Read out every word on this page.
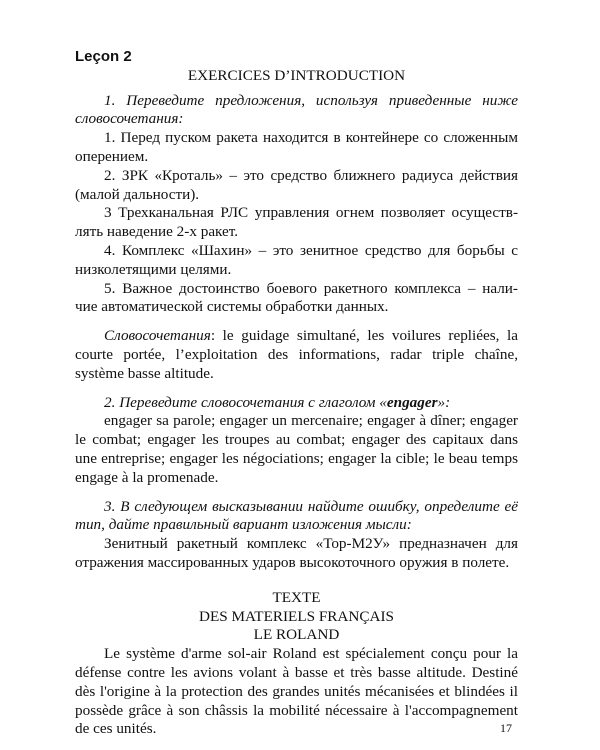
Leçon 2

EXERCICES D’INTRODUCTION

1. Переведите предложения, используя приведенные ниже словосочетания:

1. Перед пуском ракета находится в контейнере со сложенным оперением.

2. ЗРК «Кроталь» – это средство ближнего радиуса действия (малой дальности).

3 Трехканальная РЛС управления огнем позволяет осуществ-лять наведение 2-х ракет.

4. Комплекс «Шахин» – это зенитное средство для борьбы с низколетящими целями.

5. Важное достоинство боевого ракетного комплекса – нали-чие автоматической системы обработки данных.

Словосочетания: le guidage simultané, les voilures repliées, la courte portée, l’exploitation des informations, radar triple chaîne, système basse altitude.

2. Переведите словосочетания с глаголом «engager»:

engager sa parole; engager un mercenaire; engager à dîner; engager le combat; engager les troupes au combat; engager des capitaux dans une entreprise; engager les négociations; engager la cible; le beau temps engage à la promenade.

3. В следующем высказывании найдите ошибку, определите её тип, дайте правильный вариант изложения мысли:

Зенитный ракетный комплекс «Тор-М2У» предназначен для отражения массированных ударов высокоточного оружия в полете.

TEXTE

DES MATERIELS FRANÇAIS

LE ROLAND

Le système d'arme sol-air Roland est spécialement conçu pour la défense contre les avions volant à basse et très basse altitude. Destiné dès l'origine à la protection des grandes unités mécanisées et blindées il possède grâce à son châssis la mobilité nécessaire à l'accompagnement de ces unités.	17
